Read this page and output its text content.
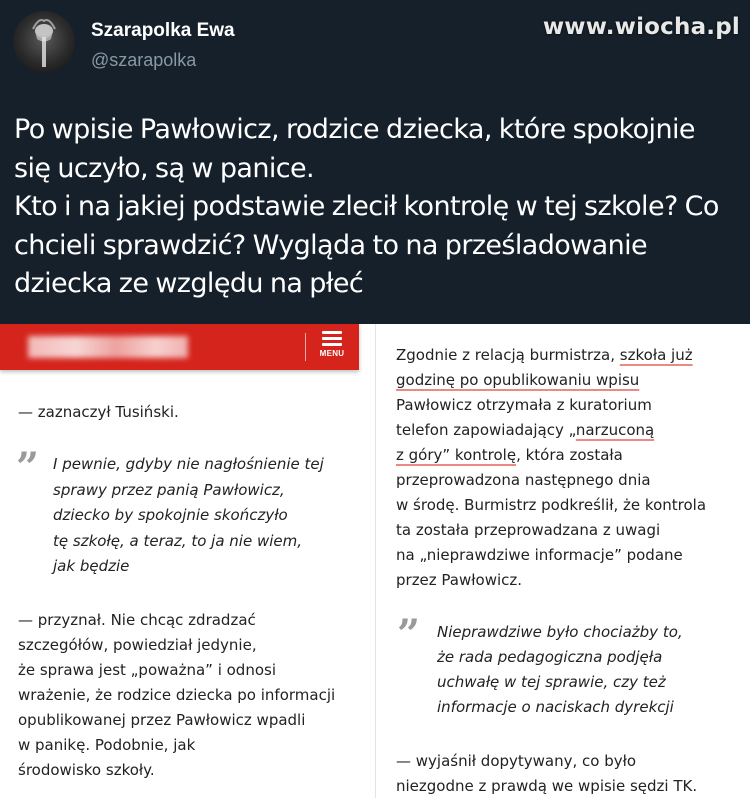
Szarapolka Ewa
@szarapolka
www.wiocha.pl

Po wpisie Pawłowicz, rodzice dziecka, które spokojnie

się uczyło, są w panice.

Kto i na jakiej podstawie zlecił kontrolę w tej szkole? Co

chcieli sprawdzić? Wygląda to na prześladowanie

dziecka ze względu na płeć

MENU
— zaznaczył Tusiński.
” I pewnie, gdyby nie nagłośnienie tej
sprawy przez panią Pawłowicz,
dziecko by spokojnie skończyło
tę szkołę, a teraz, to ja nie wiem,
jak będzie
— przyznał. Nie chcąc zdradzać
szczegółów, powiedział jedynie,
że sprawa jest „poważna” i odnosi
wrażenie, że rodzice dziecka po informacji
opublikowanej przez Pawłowicz wpadli
w panikę. Podobnie, jak
środowisko szkoły.
Zgodnie z relacją burmistrza, szkoła już
godzinę po opublikowaniu wpisu
Pawłowicz otrzymała z kuratorium
telefon zapowiadający „narzuconą
z góry” kontrolę, która została
przeprowadzona następnego dnia
w środę. Burmistrz podkreślił, że kontrola
ta została przeprowadzana z uwagi
na „nieprawdziwe informacje” podane
przez Pawłowicz.
” Nieprawdziwe było chociażby to,
że rada pedagogiczna podjęła
uchwałę w tej sprawie, czy też
informacje o naciskach dyrekcji
— wyjaśnił dopytywany, co było
niezgodne z prawdą we wpisie sędzi TK.
